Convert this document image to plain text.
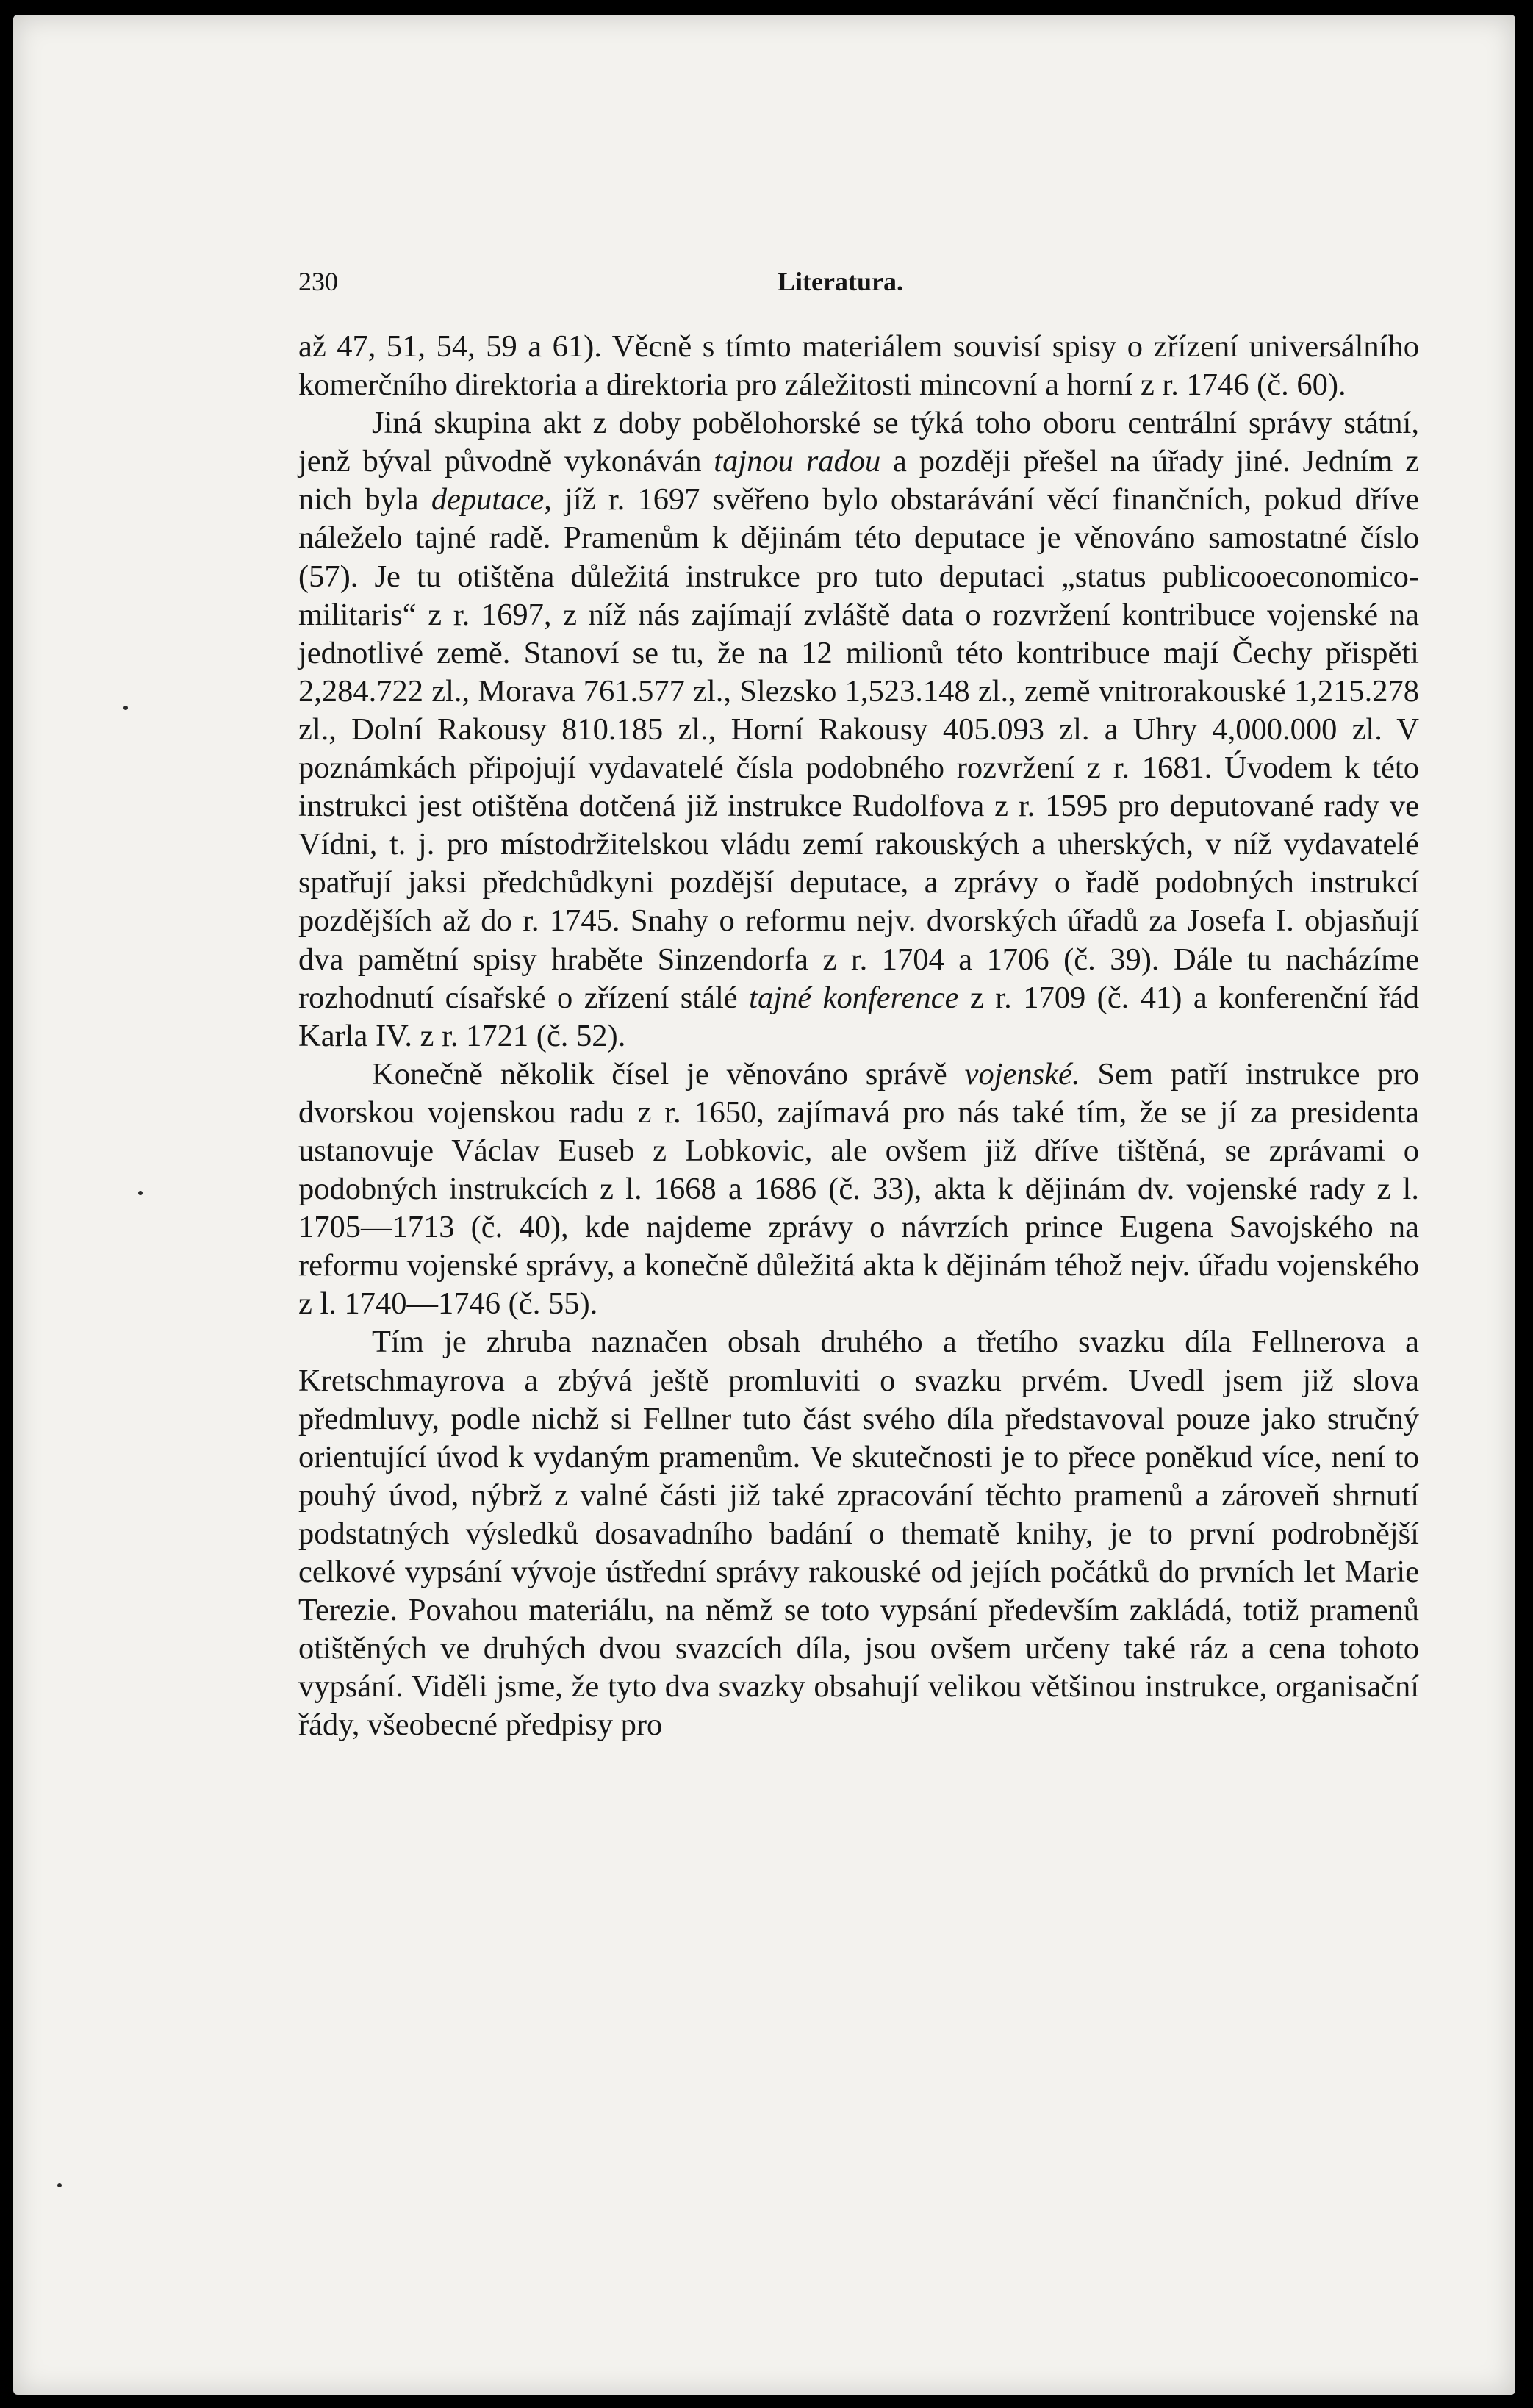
230	Literatura.

až 47, 51, 54, 59 a 61). Věcně s tímto materiálem souvisí spisy o zřízení universálního komerčního direktoria a direktoria pro záležitosti mincovní a horní z r. 1746 (č. 60).

Jiná skupina akt z doby pobělohorské se týká toho oboru centrální správy státní, jenž býval původně vykonáván tajnou radou a později přešel na úřady jiné. Jedním z nich byla deputace, jíž r. 1697 svěřeno bylo obstarávání věcí finančních, pokud dříve náleželo tajné radě. Pramenům k dějinám této deputace je věnováno samostatné číslo (57). Je tu otištěna důležitá instrukce pro tuto deputaci „status publicooeconomico-militaris“ z r. 1697, z níž nás zajímají zvláště data o rozvržení kontribuce vojenské na jednotlivé země. Stanoví se tu, že na 12 milionů této kontribuce mají Čechy přispěti 2,284.722 zl., Morava 761.577 zl., Slezsko 1,523.148 zl., země vnitrorakouské 1,215.278 zl., Dolní Rakousy 810.185 zl., Horní Rakousy 405.093 zl. a Uhry 4,000.000 zl. V poznámkách připojují vydavatelé čísla podobného rozvržení z r. 1681. Úvodem k této instrukci jest otištěna dotčená již instrukce Rudolfova z r. 1595 pro deputované rady ve Vídni, t. j. pro místodržitelskou vládu zemí rakouských a uherských, v níž vydavatelé spatřují jaksi předchůdkyni pozdější deputace, a zprávy o řadě podobných instrukcí pozdějších až do r. 1745. Snahy o reformu nejv. dvorských úřadů za Josefa I. objasňují dva pamětní spisy hraběte Sinzendorfa z r. 1704 a 1706 (č. 39). Dále tu nacházíme rozhodnutí císařské o zřízení stálé tajné konference z r. 1709 (č. 41) a konferenční řád Karla IV. z r. 1721 (č. 52).

Konečně několik čísel je věnováno správě vojenské. Sem patří instrukce pro dvorskou vojenskou radu z r. 1650, zajímavá pro nás také tím, že se jí za presidenta ustanovuje Václav Euseb z Lobkovic, ale ovšem již dříve tištěná, se zprávami o podobných instrukcích z l. 1668 a 1686 (č. 33), akta k dějinám dv. vojenské rady z l. 1705—1713 (č. 40), kde najdeme zprávy o návrzích prince Eugena Savojského na reformu vojenské správy, a konečně důležitá akta k dějinám téhož nejv. úřadu vojenského z l. 1740—1746 (č. 55).

Tím je zhruba naznačen obsah druhého a třetího svazku díla Fellnerova a Kretschmayrova a zbývá ještě promluviti o svazku prvém. Uvedl jsem již slova předmluvy, podle nichž si Fellner tuto část svého díla představoval pouze jako stručný orientující úvod k vydaným pramenům. Ve skutečnosti je to přece poněkud více, není to pouhý úvod, nýbrž z valné části již také zpracování těchto pramenů a zároveň shrnutí podstatných výsledků dosavadního badání o thematě knihy, je to první podrobnější celkové vypsání vývoje ústřední správy rakouské od jejích počátků do prvních let Marie Terezie. Povahou materiálu, na němž se toto vypsání především zakládá, totiž pramenů otištěných ve druhých dvou svazcích díla, jsou ovšem určeny také ráz a cena tohoto vypsání. Viděli jsme, že tyto dva svazky obsahují velikou většinou instrukce, organisační řády, všeobecné předpisy pro
